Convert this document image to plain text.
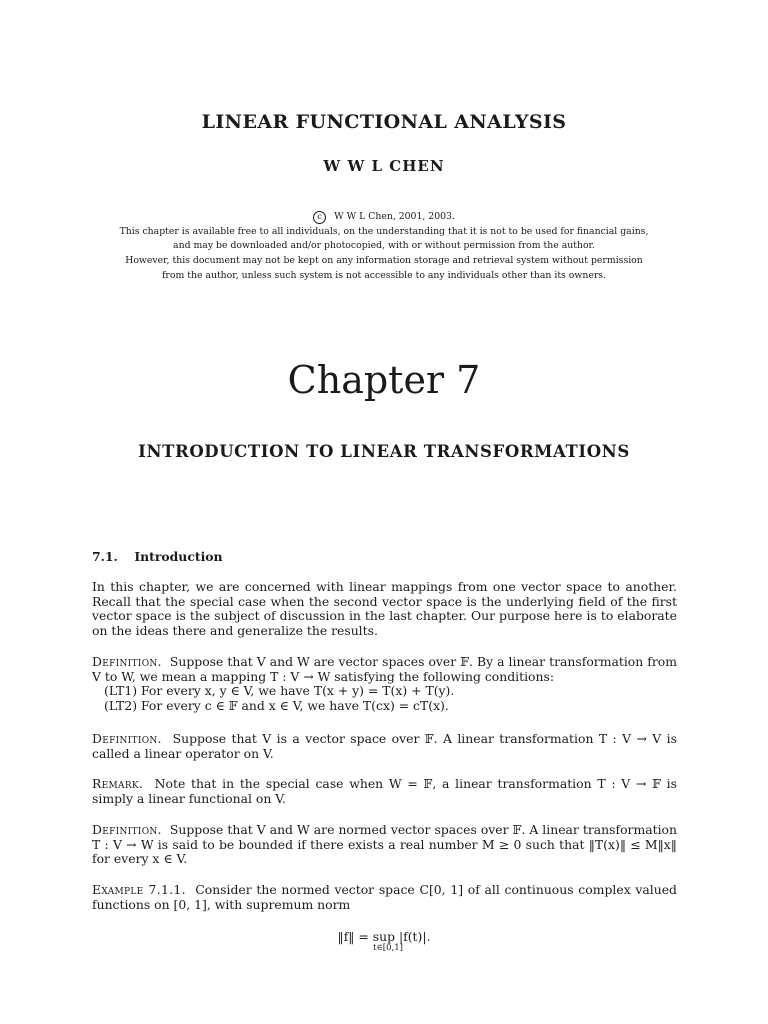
LINEAR FUNCTIONAL ANALYSIS
W W L CHEN
c	W W L Chen, 2001, 2003.
This chapter is available free to all individuals, on the understanding that it is not to be used for financial gains,
and may be downloaded and/or photocopied, with or without permission from the author.
However, this document may not be kept on any information storage and retrieval system without permission
from the author, unless such system is not accessible to any individuals other than its owners.
Chapter 7
INTRODUCTION TO LINEAR TRANSFORMATIONS
7.1. Introduction

In this chapter, we are concerned with linear mappings from one vector space to another. Recall that the special case when the second vector space is the underlying field of the first vector space is the subject of discussion in the last chapter. Our purpose here is to elaborate on the ideas there and generalize the results.

Definition. Suppose that V and W are vector spaces over 𝔽. By a linear transformation from V to W, we mean a mapping T : V → W satisfying the following conditions:

(LT1) For every x, y ∈ V, we have T(x + y) = T(x) + T(y).

(LT2) For every c ∈ 𝔽 and x ∈ V, we have T(cx) = cT(x).

Definition. Suppose that V is a vector space over 𝔽. A linear transformation T : V → V is called a linear operator on V.

Remark. Note that in the special case when W = 𝔽, a linear transformation T : V → 𝔽 is simply a linear functional on V.

Definition. Suppose that V and W are normed vector spaces over 𝔽. A linear transformation T : V → W is said to be bounded if there exists a real number M ≥ 0 such that ‖T(x)‖ ≤ M‖x‖ for every x ∈ V.

Example 7.1.1. Consider the normed vector space C[0, 1] of all continuous complex valued functions on [0, 1], with supremum norm

‖f‖ = sup |f(t)|.
t∈[0,1]
